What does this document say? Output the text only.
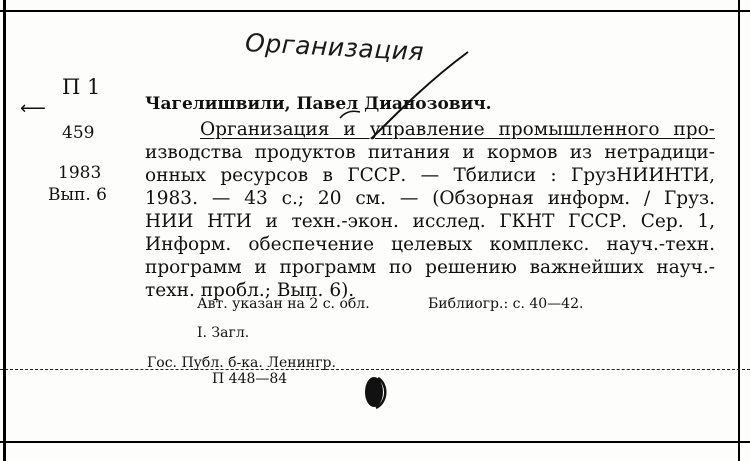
Организация
⟵
П 1
459
1983
Вып. 6
Чагелишвили, Павел Дианозович.
Организация и управление промышленного про-
изводства продуктов питания и кормов из нетрадици-
онных ресурсов в ГССР. — Тбилиси : ГрузНИИНТИ,
1983. — 43 с.; 20 см. — (Обзорная информ. / Груз.
НИИ НТИ и техн.-экон. исслед. ГКНТ ГССР. Сер. 1,
Информ. обеспечение целевых комплекс. науч.-техн.
программ и программ по решению важнейших науч.-
техн. пробл.; Вып. 6).
Авт. указан на 2 с. обл.	Библиогр.: с. 40—42.
I. Загл.
Гос. Публ. б-ка. Ленингр.
П 448—84
